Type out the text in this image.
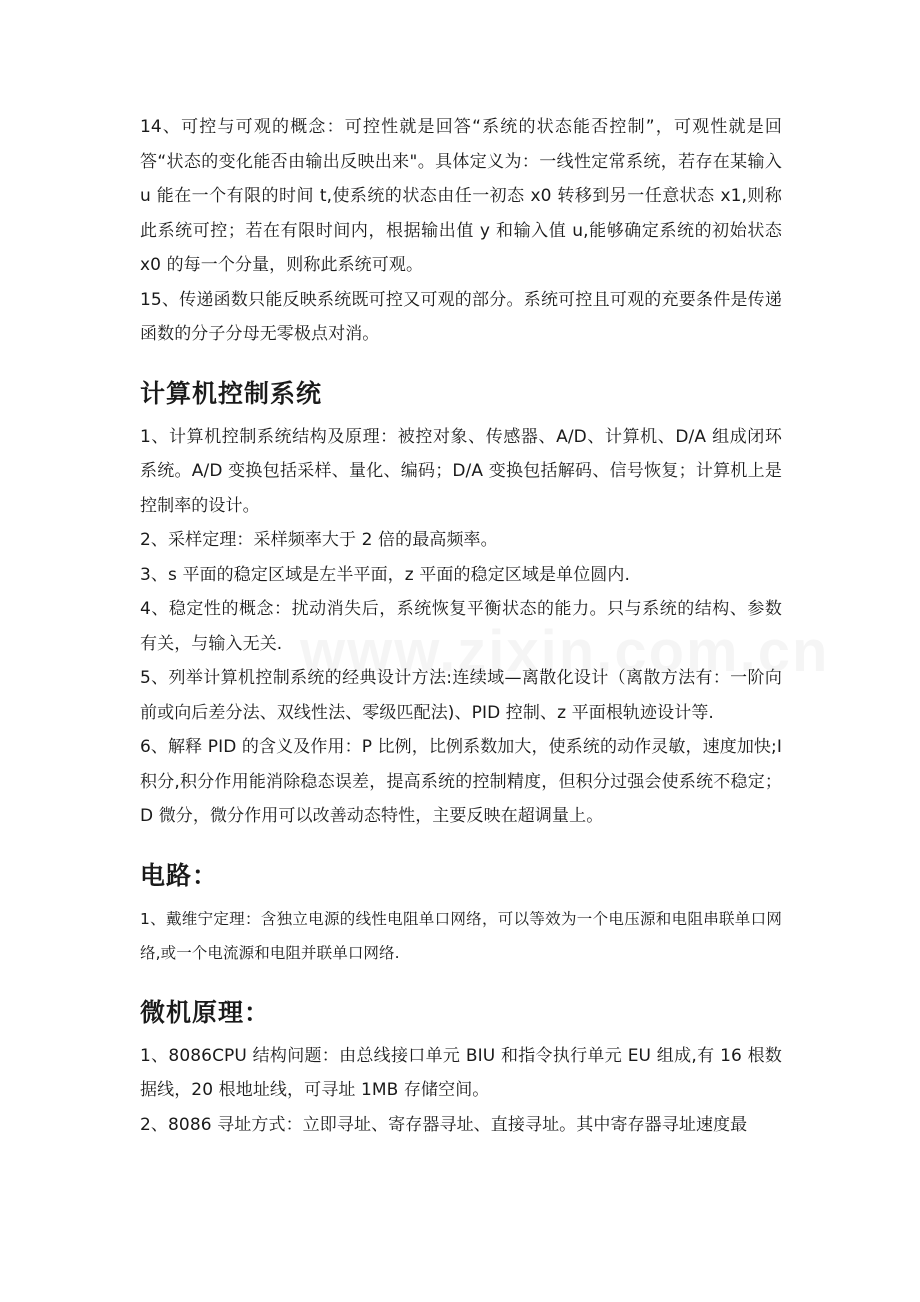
14、可控与可观的概念：可控性就是回答“系统的状态能否控制”，可观性就是回答“状态的变化能否由输出反映出来"。具体定义为：一线性定常系统，若存在某输入 u 能在一个有限的时间 t,使系统的状态由任一初态 x0 转移到另一任意状态 x1,则称此系统可控；若在有限时间内，根据输出值 y 和输入值 u,能够确定系统的初始状态 x0 的每一个分量，则称此系统可观。

15、传递函数只能反映系统既可控又可观的部分。系统可控且可观的充要条件是传递函数的分子分母无零极点对消。

计算机控制系统

1、计算机控制系统结构及原理：被控对象、传感器、A/D、计算机、D/A 组成闭环系统。A/D 变换包括采样、量化、编码；D/A 变换包括解码、信号恢复；计算机上是控制率的设计。

2、采样定理：采样频率大于 2 倍的最高频率。

3、s 平面的稳定区域是左半平面，z 平面的稳定区域是单位圆内.

4、稳定性的概念：扰动消失后，系统恢复平衡状态的能力。只与系统的结构、参数有关，与输入无关.

5、列举计算机控制系统的经典设计方法:连续域—离散化设计（离散方法有：一阶向前或向后差分法、双线性法、零级匹配法)、PID 控制、z 平面根轨迹设计等.

6、解释 PID 的含义及作用：P 比例，比例系数加大，使系统的动作灵敏，速度加快;I 积分,积分作用能消除稳态误差，提高系统的控制精度，但积分过强会使系统不稳定；D 微分，微分作用可以改善动态特性，主要反映在超调量上。

电路：

1、戴维宁定理：含独立电源的线性电阻单口网络，可以等效为一个电压源和电阻串联单口网络,或一个电流源和电阻并联单口网络.

微机原理：

1、8086CPU 结构问题：由总线接口单元 BIU 和指令执行单元 EU 组成,有 16 根数据线，20 根地址线，可寻址 1MB 存储空间。

2、8086 寻址方式：立即寻址、寄存器寻址、直接寻址。其中寄存器寻址速度最
